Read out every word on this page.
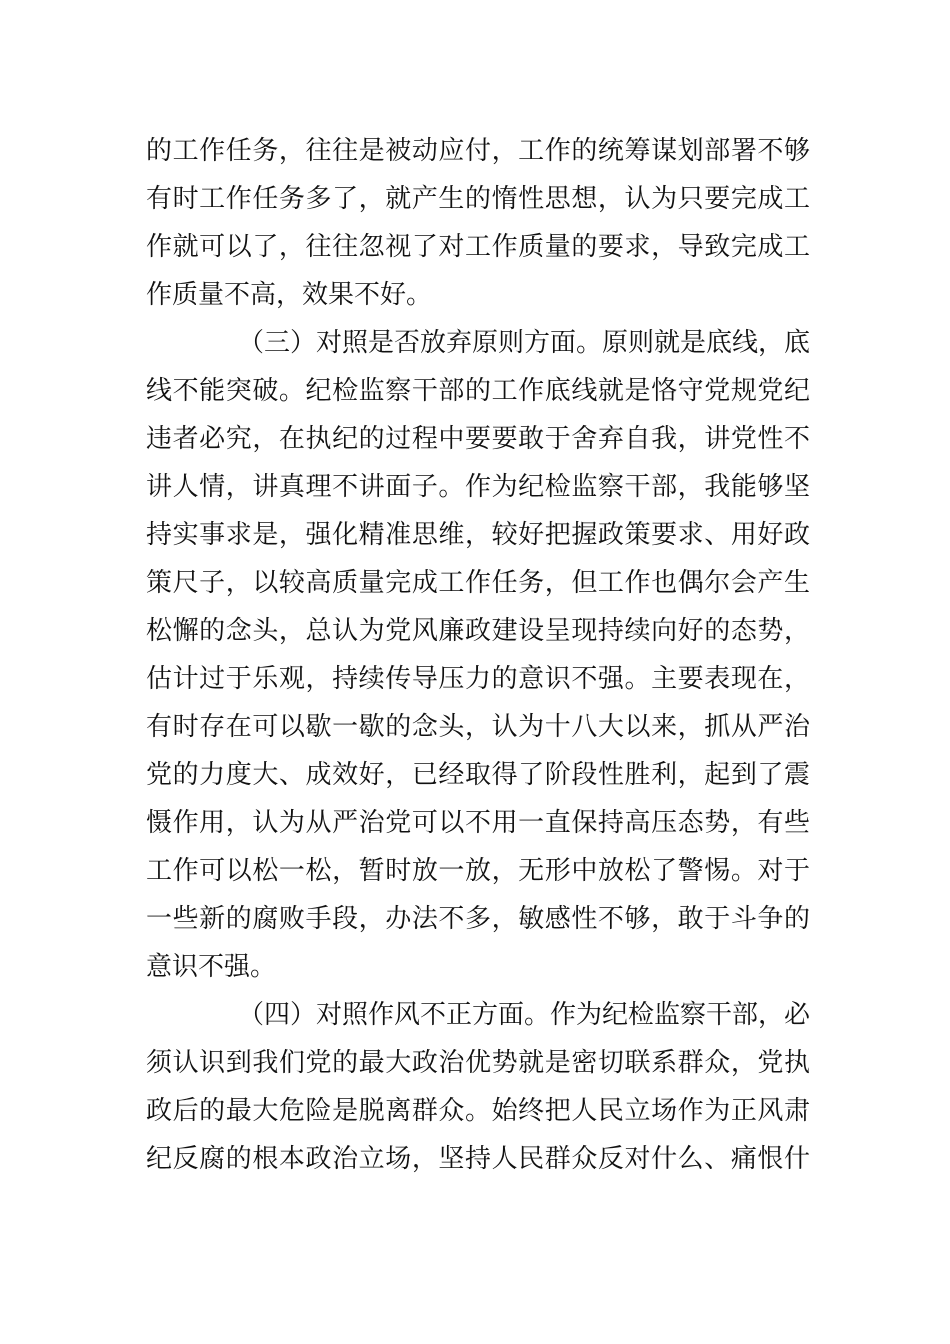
的工作任务，往往是被动应付，工作的统筹谋划部署不够
有时工作任务多了，就产生的惰性思想，认为只要完成工
作就可以了，往往忽视了对工作质量的要求，导致完成工
作质量不高，效果不好。
（三）对照是否放弃原则方面。原则就是底线，底
线不能突破。纪检监察干部的工作底线就是恪守党规党纪
违者必究，在执纪的过程中要要敢于舍弃自我，讲党性不
讲人情，讲真理不讲面子。作为纪检监察干部，我能够坚
持实事求是，强化精准思维，较好把握政策要求、用好政
策尺子，以较高质量完成工作任务，但工作也偶尔会产生
松懈的念头，总认为党风廉政建设呈现持续向好的态势，
估计过于乐观，持续传导压力的意识不强。主要表现在，
有时存在可以歇一歇的念头，认为十八大以来，抓从严治
党的力度大、成效好，已经取得了阶段性胜利，起到了震
慑作用，认为从严治党可以不用一直保持高压态势，有些
工作可以松一松，暂时放一放，无形中放松了警惕。对于
一些新的腐败手段，办法不多，敏感性不够，敢于斗争的
意识不强。
（四）对照作风不正方面。作为纪检监察干部，必
须认识到我们党的最大政治优势就是密切联系群众，党执
政后的最大危险是脱离群众。始终把人民立场作为正风肃
纪反腐的根本政治立场，坚持人民群众反对什么、痛恨什
